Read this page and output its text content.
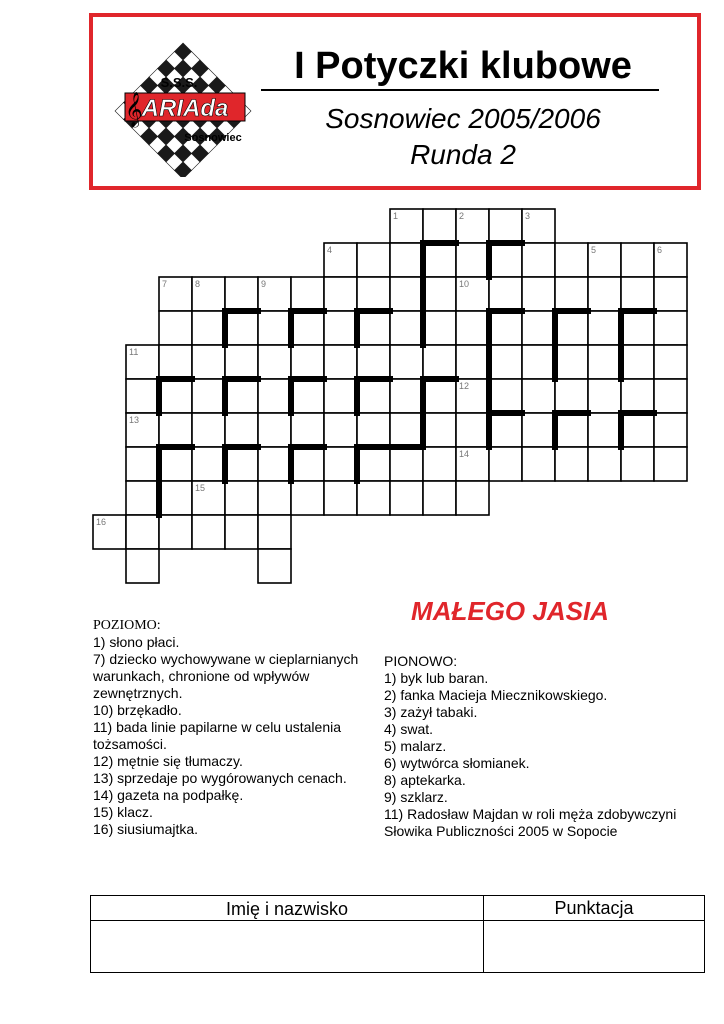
S.S.S.
ARIAda
Sosnowiec
𝄞
I Potyczki klubowe
Sosnowiec 2005/2006
Runda 2
1	2	3
4	5	6
7	8	9	10
11
12
13
14
15
16
MAŁEGO JASIA
POZIOMO:
1) słono płaci.
7) dziecko wychowywane w cieplarnianych warunkach, chronione od wpływów zewnętrznych.
10) brzękadło.
11) bada linie papilarne w celu ustalenia tożsamości.
12) mętnie się tłumaczy.
13) sprzedaje po wygórowanych cenach.
14) gazeta na podpałkę.
15) klacz.
16) siusiumajtka.
PIONOWO:
1) byk lub baran.
2) fanka Macieja Miecznikowskiego.
3) zażył tabaki.
4) swat.
5) malarz.
6) wytwórca słomianek.
8) aptekarka.
9) szklarz.
11) Radosław Majdan w roli męża zdobywczyni Słowika Publiczności 2005 w Sopocie
Imię i nazwisko	Punktacja
